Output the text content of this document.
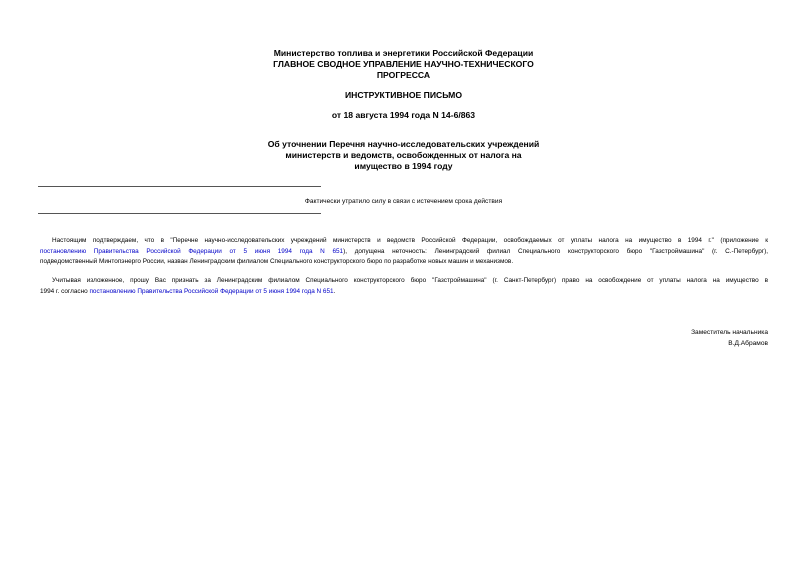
Министерство топлива и энергетики Российской Федерации
ГЛАВНОЕ СВОДНОЕ УПРАВЛЕНИЕ НАУЧНО-ТЕХНИЧЕСКОГО
ПРОГРЕССА
ИНСТРУКТИВНОЕ ПИСЬМО
от 18 августа 1994 года N 14-6/863
Об уточнении Перечня научно-исследовательских учреждений
министерств и ведомств, освобожденных от налога на
имущество в 1994 году
Фактически утратило силу в связи с истечением срока действия
Настоящим подтверждаем, что в "Перечне научно-исследовательских учреждений министерств и ведомств Российской Федерации, освобождаемых от уплаты налога на имущество в 1994 г." (приложение к
постановлению Правительства Российской Федерации от 5 июня 1994 года N 651), допущена неточность: Ленинградский филиал Специального конструкторского бюро "Газстроймашина" (г. С.-Петербург),
подведомственный Минтопэнерго России, назван Ленинградским филиалом Специального конструкторского бюро по разработке новых машин и механизмов.
Учитывая изложенное, прошу Вас признать за Ленинградским филиалом Специального конструкторского бюро "Газстроймашина" (г. Санкт-Петербург) право на освобождение от уплаты налога на имущество в
1994 г. согласно постановлению Правительства Российской Федерации от 5 июня 1994 года N 651.
Заместитель начальника
В.Д.Абрамов
